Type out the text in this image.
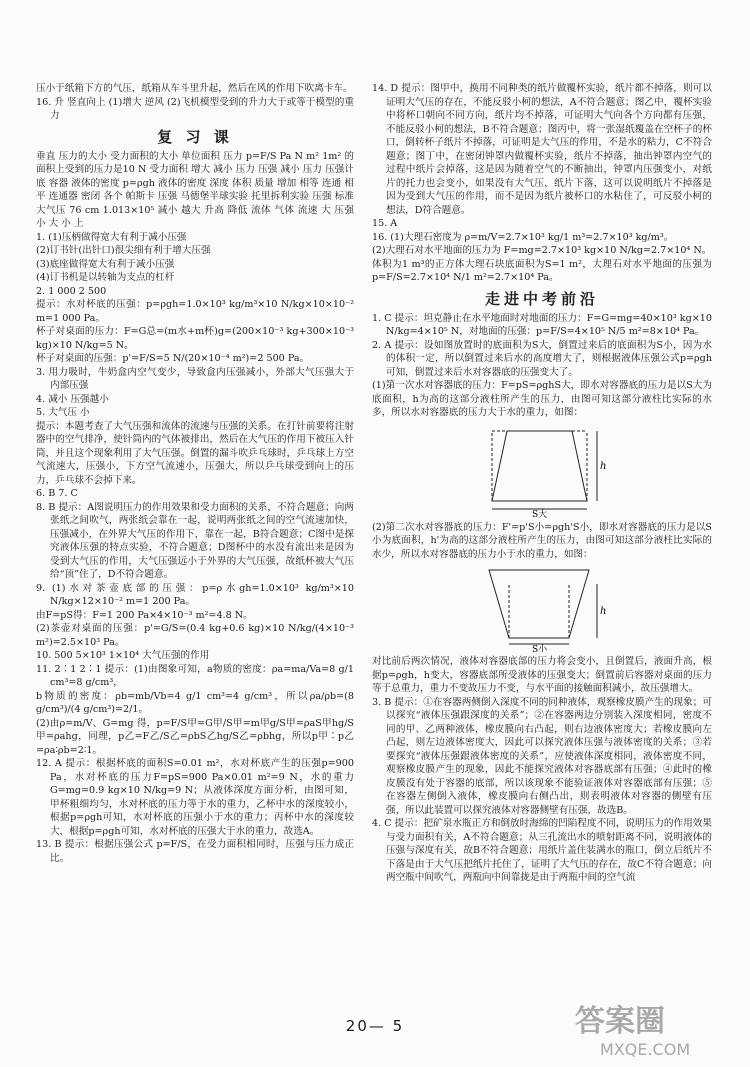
压小于纸箱下方的气压，纸箱从车斗里升起，然后在风的作用下吹离卡车。

16. 升 竖直向上 (1)增大 逆风 (2)飞机模型受到的升力大于或等于模型的重力

复 习 课

垂直 压力的大小 受力面积的大小 单位面积 压力 p=F/S Pa N m² 1m² 的面积上受到的压力是10 N 受力面积 增大 减小 压力 压强 减小 压力 压强计 底 容器 液体的密度 p=ρgh 液体的密度 深度 体积 质量 增加 相等 连通 相平 连通器 密闭 各个 帕斯卡 压强 马德堡半球实验 托里拆利实验 压强 标准大气压 76 cm 1.013×10⁵ 减小 越大 升高 降低 流体 气体 流速 大 压强 小 大 小 上

1. (1)压柄做得宽大有利于减小压强

(2)订书针(出针口)很尖细有利于增大压强

(3)底座做得宽大有利于减小压强

(4)订书机是以转轴为支点的杠杆

2. 1 000 2 500

提示：水对杯底的压强：p=ρgh=1.0×10³ kg/m³×10 N/kg×10×10⁻² m=1 000 Pa。

杯子对桌面的压力：F=G总=(m水+m杯)g=(200×10⁻³ kg+300×10⁻³ kg)×10 N/kg=5 N。

杯子对桌面的压强：p'=F/S=5 N/(20×10⁻⁴ m²)=2 500 Pa。

3. 用力吸时，牛奶盒内空气变少，导致盒内压强减小，外部大气压强大于内部压强

4. 减小 压强越小

5. 大气压 小

提示：本题考查了大气压强和流体的流速与压强的关系。在打针前要将注射器中的空气排净，使针筒内的气体被排出，然后在大气压的作用下被压入针筒，并且这个现象利用了大气压强。倒置的漏斗吹乒乓球时，乒乓球上方空气流速大，压强小，下方空气流速小，压强大，所以乒乓球受到向上的压力，乒乓球不会掉下来。

6. B 7. C

8. B 提示：A图说明压力的作用效果和受力面积的关系，不符合题意；向两张纸之间吹气，两张纸会靠在一起，说明两张纸之间的空气流速加快，压强减小，在外界大气压的作用下，靠在一起，B符合题意；C图中是探究液体压强的特点实验，不符合题意；D图杯中的水没有流出来是因为受到大气压的作用，大气压强远小于外界的大气压强，故纸杯被大气压给“顶”住了，D不符合题意。

9. (1)水对茶壶底部的压强：p=ρ水gh=1.0×10³ kg/m³×10 N/kg×12×10⁻² m=1 200 Pa。

由F=pS得：F=1 200 Pa×4×10⁻³ m²=4.8 N。

(2)茶壶对桌面的压强：p'=G/S=(0.4 kg+0.6 kg)×10 N/kg/(4×10⁻³ m²)=2.5×10³ Pa。

10. 500 5×10³ 1×10⁴ 大气压强的作用

11. 2∶1 2∶1 提示：(1)由图象可知，a物质的密度：ρa=ma/Va=8 g/1 cm³=8 g/cm³，

b物质的密度：ρb=mb/Vb=4 g/1 cm³=4 g/cm³，所以ρa/ρb=(8 g/cm³)/(4 g/cm³)=2/1。

(2)由ρ=m/V、G=mg 得，p=F/S甲=G甲/S甲=m甲g/S甲=ρaS甲hg/S甲=ρahg，同理，p乙=F乙/S乙=ρbS乙hg/S乙=ρbhg，所以p甲∶p乙=ρa∶ρb=2∶1。

12. A 提示：根据杯底的面积S=0.01 m²，水对杯底产生的压强p=900 Pa，水对杯底的压力F=pS=900 Pa×0.01 m²=9 N，水的重力G=mg=0.9 kg×10 N/kg=9 N；从液体深度方面分析，由图可知，甲杯粗细均匀，水对杯底的压力等于水的重力，乙杯中水的深度较小，根据p=ρgh可知，水对杯底的压强小于水的重力；丙杯中水的深度较大，根据p=ρgh可知，水对杯底的压强大于水的重力，故选A。

13. B 提示：根据压强公式 p=F/S，在受力面积相同时，压强与压力成正比。

14. D 提示：图甲中，换用不同种类的纸片做覆杯实验，纸片都不掉落，则可以证明大气压的存在，不能反驳小柯的想法，A不符合题意；图乙中，覆杯实验中将杯口朝向不同方向，纸片均不掉落，可证明大气向各个方向都有压强，不能反驳小柯的想法，B不符合题意；图丙中，将一张湿纸覆盖在空杯子的杯口，倒转杯子纸片不掉落，可证明是大气压的作用，不是水的粘力，C不符合题意；图丁中，在密闭钟罩内做覆杯实验，纸片不掉落，抽出钟罩内空气的过程中纸片会掉落，这是因为随着空气的不断抽出，钟罩内压强变小，对纸片的托力也会变小，如果没有大气压，纸片下落，这可以说明纸片不掉落是因为受到大气压的作用，而不是因为纸片被杯口的水粘住了，可反驳小柯的想法，D符合题意。

15. A

16. (1)大理石密度为 ρ=m/V=2.7×10³ kg/1 m³=2.7×10³ kg/m³。

(2)大理石对水平地面的压力为 F=mg=2.7×10³ kg×10 N/kg=2.7×10⁴ N。

体积为1 m³的正方体大理石块底面积为S=1 m²，大理石对水平地面的压强为 p=F/S=2.7×10⁴ N/1 m²=2.7×10⁴ Pa。

走进中考前沿

1. C 提示：坦克静止在水平地面时对地面的压力：F=G=mg=40×10³ kg×10 N/kg=4×10⁵ N，对地面的压强：p=F/S=4×10⁵ N/5 m²=8×10⁴ Pa。

2. A 提示：设如图放置时的底面积为S大，倒置过来后的底面积为S小，因为水的体积一定，所以倒置过来后水的高度增大了，则根据液体压强公式p=ρgh可知，倒置过来后水对容器底的压强变大了。

(1)第一次水对容器底的压力：F=pS=ρghS大，即水对容器底的压力是以S大为底面积，h为高的这部分液柱所产生的压力，由图可知这部分液柱比实际的水多，所以水对容器底的压力大于水的重力，如图：

h
S大

(2)第二次水对容器底的压力：F'=p'S小=ρgh'S小，即水对容器底的压力是以S小为底面积，h'为高的这部分液柱所产生的压力，由图可知这部分液柱比实际的水少，所以水对容器底的压力小于水的重力，如图：

h
S小

对比前后两次情况，液体对容器底部的压力将会变小，且倒置后，液面升高，根据p=ρgh，h变大，容器底部所受液体的压强变大；倒置前后容器对桌面的压力等于总重力，重力不变故压力不变，与水平面的接触面积减小，故压强增大。

3. B 提示：①在容器两侧倒入深度不同的同种液体，观察橡皮膜产生的现象；可以探究“液体压强跟深度的关系”；②在容器两边分别装入深度相同，密度不同的甲、乙两种液体，橡皮膜向右凸起，则右边液体密度大；若橡皮膜向左凸起，则左边液体密度大，因此可以探究液体压强与液体密度的关系；③若要探究“液体压强跟液体密度的关系”，应使液体深度相同，液体密度不同，观察橡皮膜产生的现象，因此不能探究液体对容器底部有压强；④此时的橡皮膜没有处于容器的底部，所以该现象不能验证液体对容器底部有压强；⑤在容器左侧倒入液体，橡皮膜向右侧凸出，则表明液体对容器的侧壁有压强，所以此装置可以探究液体对容器侧壁有压强，故选B。

4. C 提示：把矿泉水瓶正方和倒放时海绵的凹陷程度不同，说明压力的作用效果与受力面积有关，A不符合题意；从三孔流出水的喷射距离不同，说明液体的压强与深度有关，故B不符合题意；用纸片盖住装满水的瓶口，倒立后纸片不下落是由于大气压把纸片托住了，证明了大气压的存在，故C不符合题意；向两空瓶中间吹气，两瓶向中间靠拢是由于两瓶中间的空气流

20— 5	答案圈
MXQE.COM
